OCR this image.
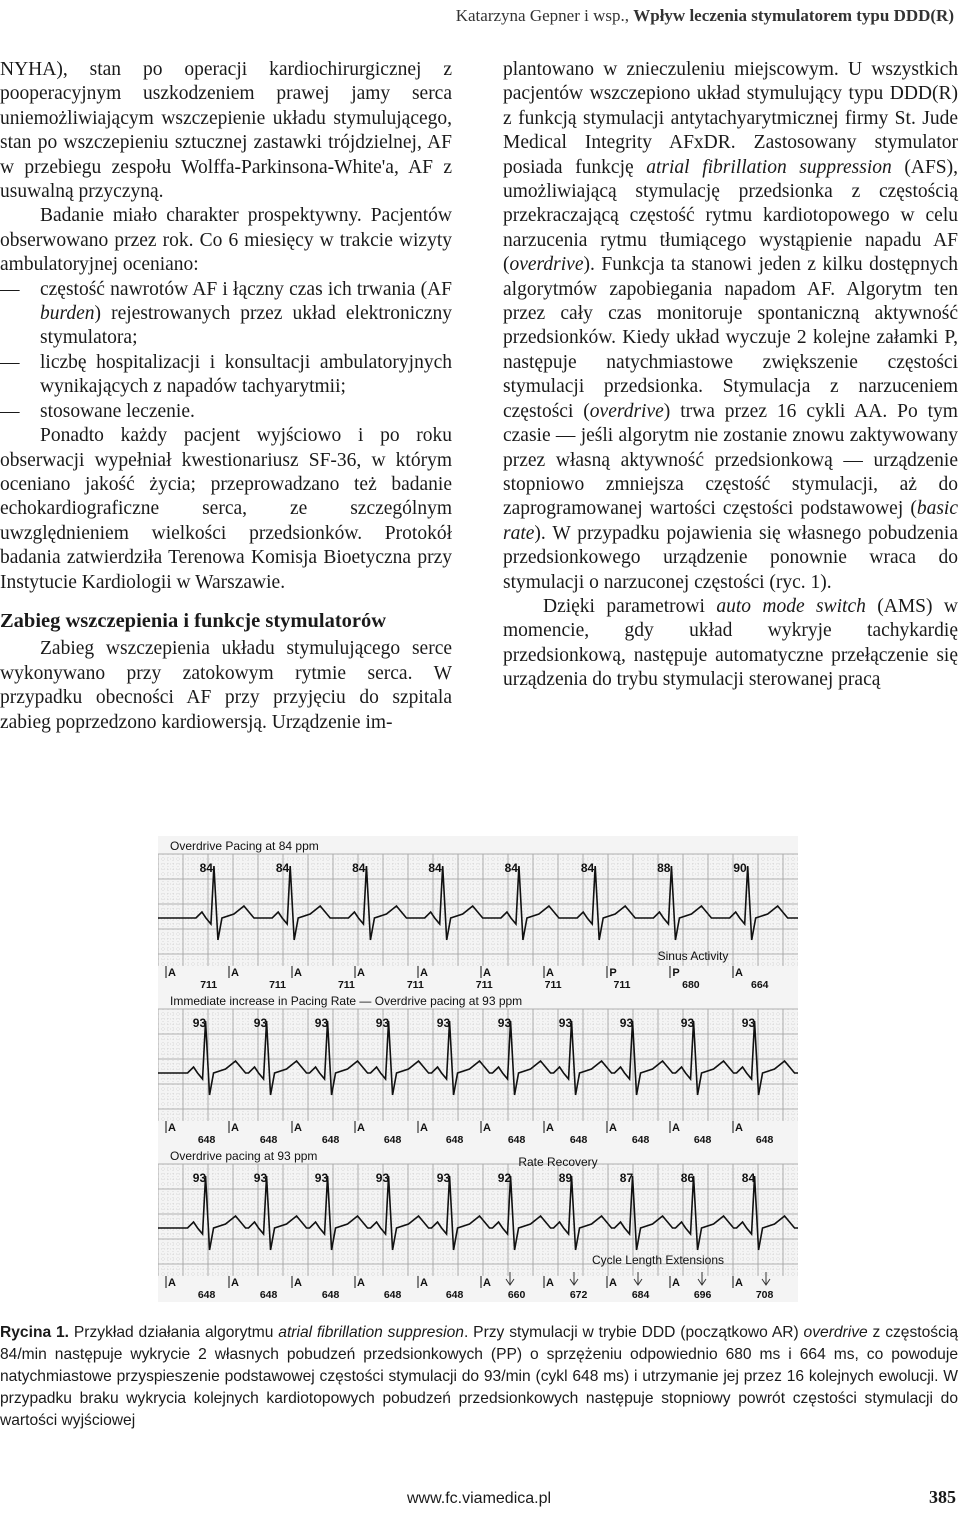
Katarzyna Gepner i wsp., Wpływ leczenia stymulatorem typu DDD(R)

NYHA), stan po operacji kardiochirurgicznej z pooperacyjnym uszkodzeniem prawej jamy serca uniemożliwiającym wszczepienie układu stymulującego, stan po wszczepieniu sztucznej zastawki trójdzielnej, AF w przebiegu zespołu Wolffa-Parkinsona-White'a, AF z usuwalną przyczyną.

Badanie miało charakter prospektywny. Pacjentów obserwowano przez rok. Co 6 miesięcy w trakcie wizyty ambulatoryjnej oceniano:

— częstość nawrotów AF i łączny czas ich trwania (AF burden) rejestrowanych przez układ elektroniczny stymulatora;

— liczbę hospitalizacji i konsultacji ambulatoryjnych wynikających z napadów tachyarytmii;

— stosowane leczenie.

Ponadto każdy pacjent wyjściowo i po roku obserwacji wypełniał kwestionariusz SF-36, w którym oceniano jakość życia; przeprowadzano też badanie echokardiograficzne serca, ze szczególnym uwzględnieniem wielkości przedsionków. Protokół badania zatwierdziła Terenowa Komisja Bioetyczna przy Instytucie Kardiologii w Warszawie.

Zabieg wszczepienia i funkcje stymulatorów

Zabieg wszczepienia układu stymulującego serce wykonywano przy zatokowym rytmie serca. W przypadku obecności AF przy przyjęciu do szpitala zabieg poprzedzono kardiowersją. Urządzenie im-

plantowano w znieczuleniu miejscowym. U wszystkich pacjentów wszczepiono układ stymulujący typu DDD(R) z funkcją stymulacji antytachyarytmicznej firmy St. Jude Medical Integrity AFxDR. Zastosowany stymulator posiada funkcję atrial fibrillation suppression (AFS), umożliwiającą stymulację przedsionka z częstością przekraczającą częstość rytmu kardiotopowego w celu narzucenia rytmu tłumiącego wystąpienie napadu AF (overdrive). Funkcja ta stanowi jeden z kilku dostępnych algorytmów zapobiegania napadom AF. Algorytm ten przez cały czas monitoruje spontaniczną aktywność przedsionków. Kiedy układ wyczuje 2 kolejne załamki P, następuje natychmiastowe zwiększenie częstości stymulacji przedsionka. Stymulacja z narzuceniem częstości (overdrive) trwa przez 16 cykli AA. Po tym czasie — jeśli algorytm nie zostanie znowu zaktywowany przez własną aktywność przedsionkową — urządzenie stopniowo zmniejsza częstość stymulacji, aż do zaprogramowanej wartości częstości podstawowej (basic rate). W przypadku pojawienia się własnego pobudzenia przedsionkowego urządzenie ponownie wraca do stymulacji o narzuconej częstości (ryc. 1).

Dzięki parametrowi auto mode switch (AMS) w momencie, gdy układ wykryje tachykardię przedsionkową, następuje automatyczne przełączenie się urządzenia do trybu stymulacji sterowanej pracą

Overdrive Pacing at 84 ppm
84	84	84	84	84	84	88	90
A	A	A	A	A	A	A	P	P	A
711	711	711	711	711	711	711	680	664
Sinus Activity
Immediate increase in Pacing Rate — Overdrive pacing at 93 ppm
93	93	93	93	93	93	93	93	93	93
A	A	A	A	A	A	A	A	A	A
648	648	648	648	648	648	648	648	648	648
Overdrive pacing at 93 ppm
93	93	93	93	93	92	89	87	86	84
A	A	A	A	A	A	A	A	A	A
648	648	648	648	648	660	672	684	696	708
Rate Recovery
Cycle Length Extensions
Rycina 1. Przykład działania algorytmu atrial fibrillation suppresion. Przy stymulacji w trybie DDD (początkowo AR) overdrive z częstością 84/min następuje wykrycie 2 własnych pobudzeń przedsionkowych (PP) o sprzężeniu odpowiednio 680 ms i 664 ms, co powoduje natychmiastowe przyspieszenie podstawowej częstości stymulacji do 93/min (cykl 648 ms) i utrzymanie jej przez 16 kolejnych ewolucji. W przypadku braku wykrycia kolejnych kardiotopowych pobudzeń przedsionkowych następuje stopniowy powrót częstości stymulacji do wartości wyjściowej
www.fc.viamedica.pl	385
